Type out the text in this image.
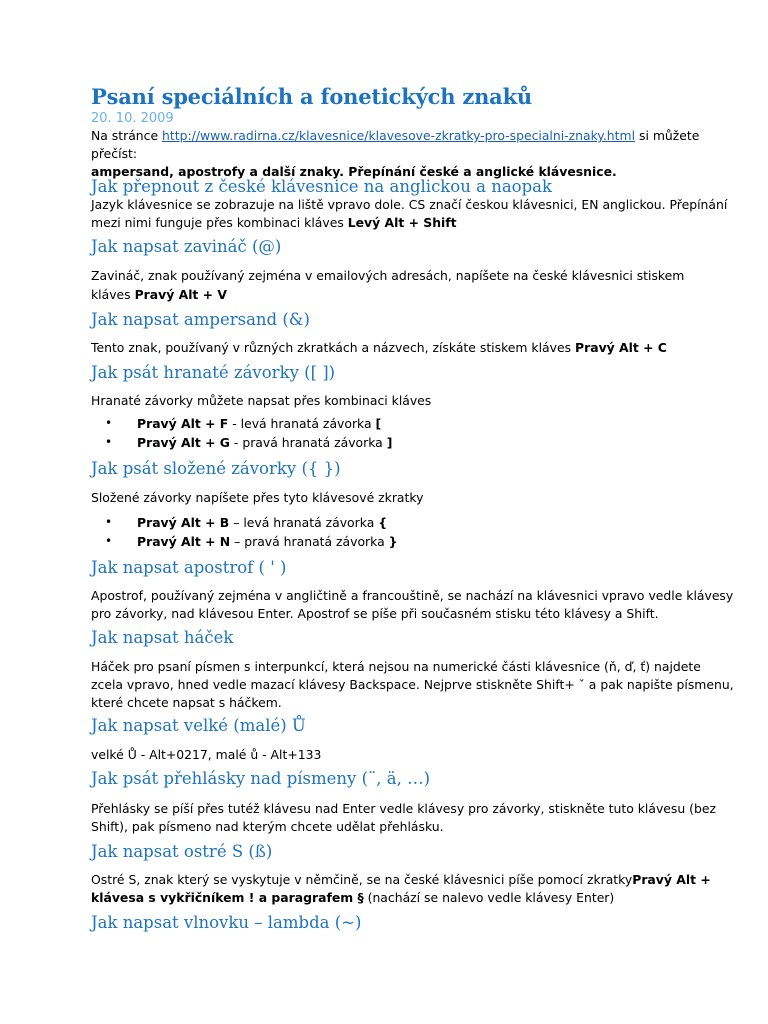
Psaní speciálních a fonetických znaků
20. 10. 2009
Na stránce http://www.radirna.cz/klavesnice/klavesove-zkratky-pro-specialni-znaky.html si můžete
přečíst:
ampersand, apostrofy a další znaky. Přepínání české a anglické klávesnice.
Jak přepnout z české klávesnice na anglickou a naopak
Jazyk klávesnice se zobrazuje na liště vpravo dole. CS značí českou klávesnici, EN anglickou. Přepínání
mezi nimi funguje přes kombinaci kláves Levý Alt + Shift
Jak napsat zavináč (@)
Zavináč, znak používaný zejména v emailových adresách, napíšete na české klávesnici stiskem
kláves Pravý Alt + V
Jak napsat ampersand (&)
Tento znak, používaný v různých zkratkách a názvech, získáte stiskem kláves Pravý Alt + C
Jak psát hranaté závorky ([ ])
Hranaté závorky můžete napsat přes kombinaci kláves
• Pravý Alt + F - levá hranatá závorka [
• Pravý Alt + G - pravá hranatá závorka ]
Jak psát složené závorky ({ })
Složené závorky napíšete přes tyto klávesové zkratky
• Pravý Alt + B – levá hranatá závorka {
• Pravý Alt + N – pravá hranatá závorka }
Jak napsat apostrof ( ' )
Apostrof, používaný zejména v angličtině a francouštině, se nachází na klávesnici vpravo vedle klávesy
pro závorky, nad klávesou Enter. Apostrof se píše při současném stisku této klávesy a Shift.
Jak napsat háček
Háček pro psaní písmen s interpunkcí, která nejsou na numerické části klávesnice (ň, ď, ť) najdete
zcela vpravo, hned vedle mazací klávesy Backspace. Nejprve stiskněte Shift+ ˇ a pak napište písmenu,
které chcete napsat s háčkem.
Jak napsat velké (malé) Ů
velké Ů - Alt+0217, malé ů - Alt+133
Jak psát přehlásky nad písmeny (¨, ä, …)
Přehlásky se píší přes tutéž klávesu nad Enter vedle klávesy pro závorky, stiskněte tuto klávesu (bez
Shift), pak písmeno nad kterým chcete udělat přehlásku.
Jak napsat ostré S (ß)
Ostré S, znak který se vyskytuje v němčině, se na české klávesnici píše pomocí zkratkyPravý Alt +
klávesa s vykřičníkem ! a paragrafem § (nachází se nalevo vedle klávesy Enter)
Jak napsat vlnovku – lambda (~)
